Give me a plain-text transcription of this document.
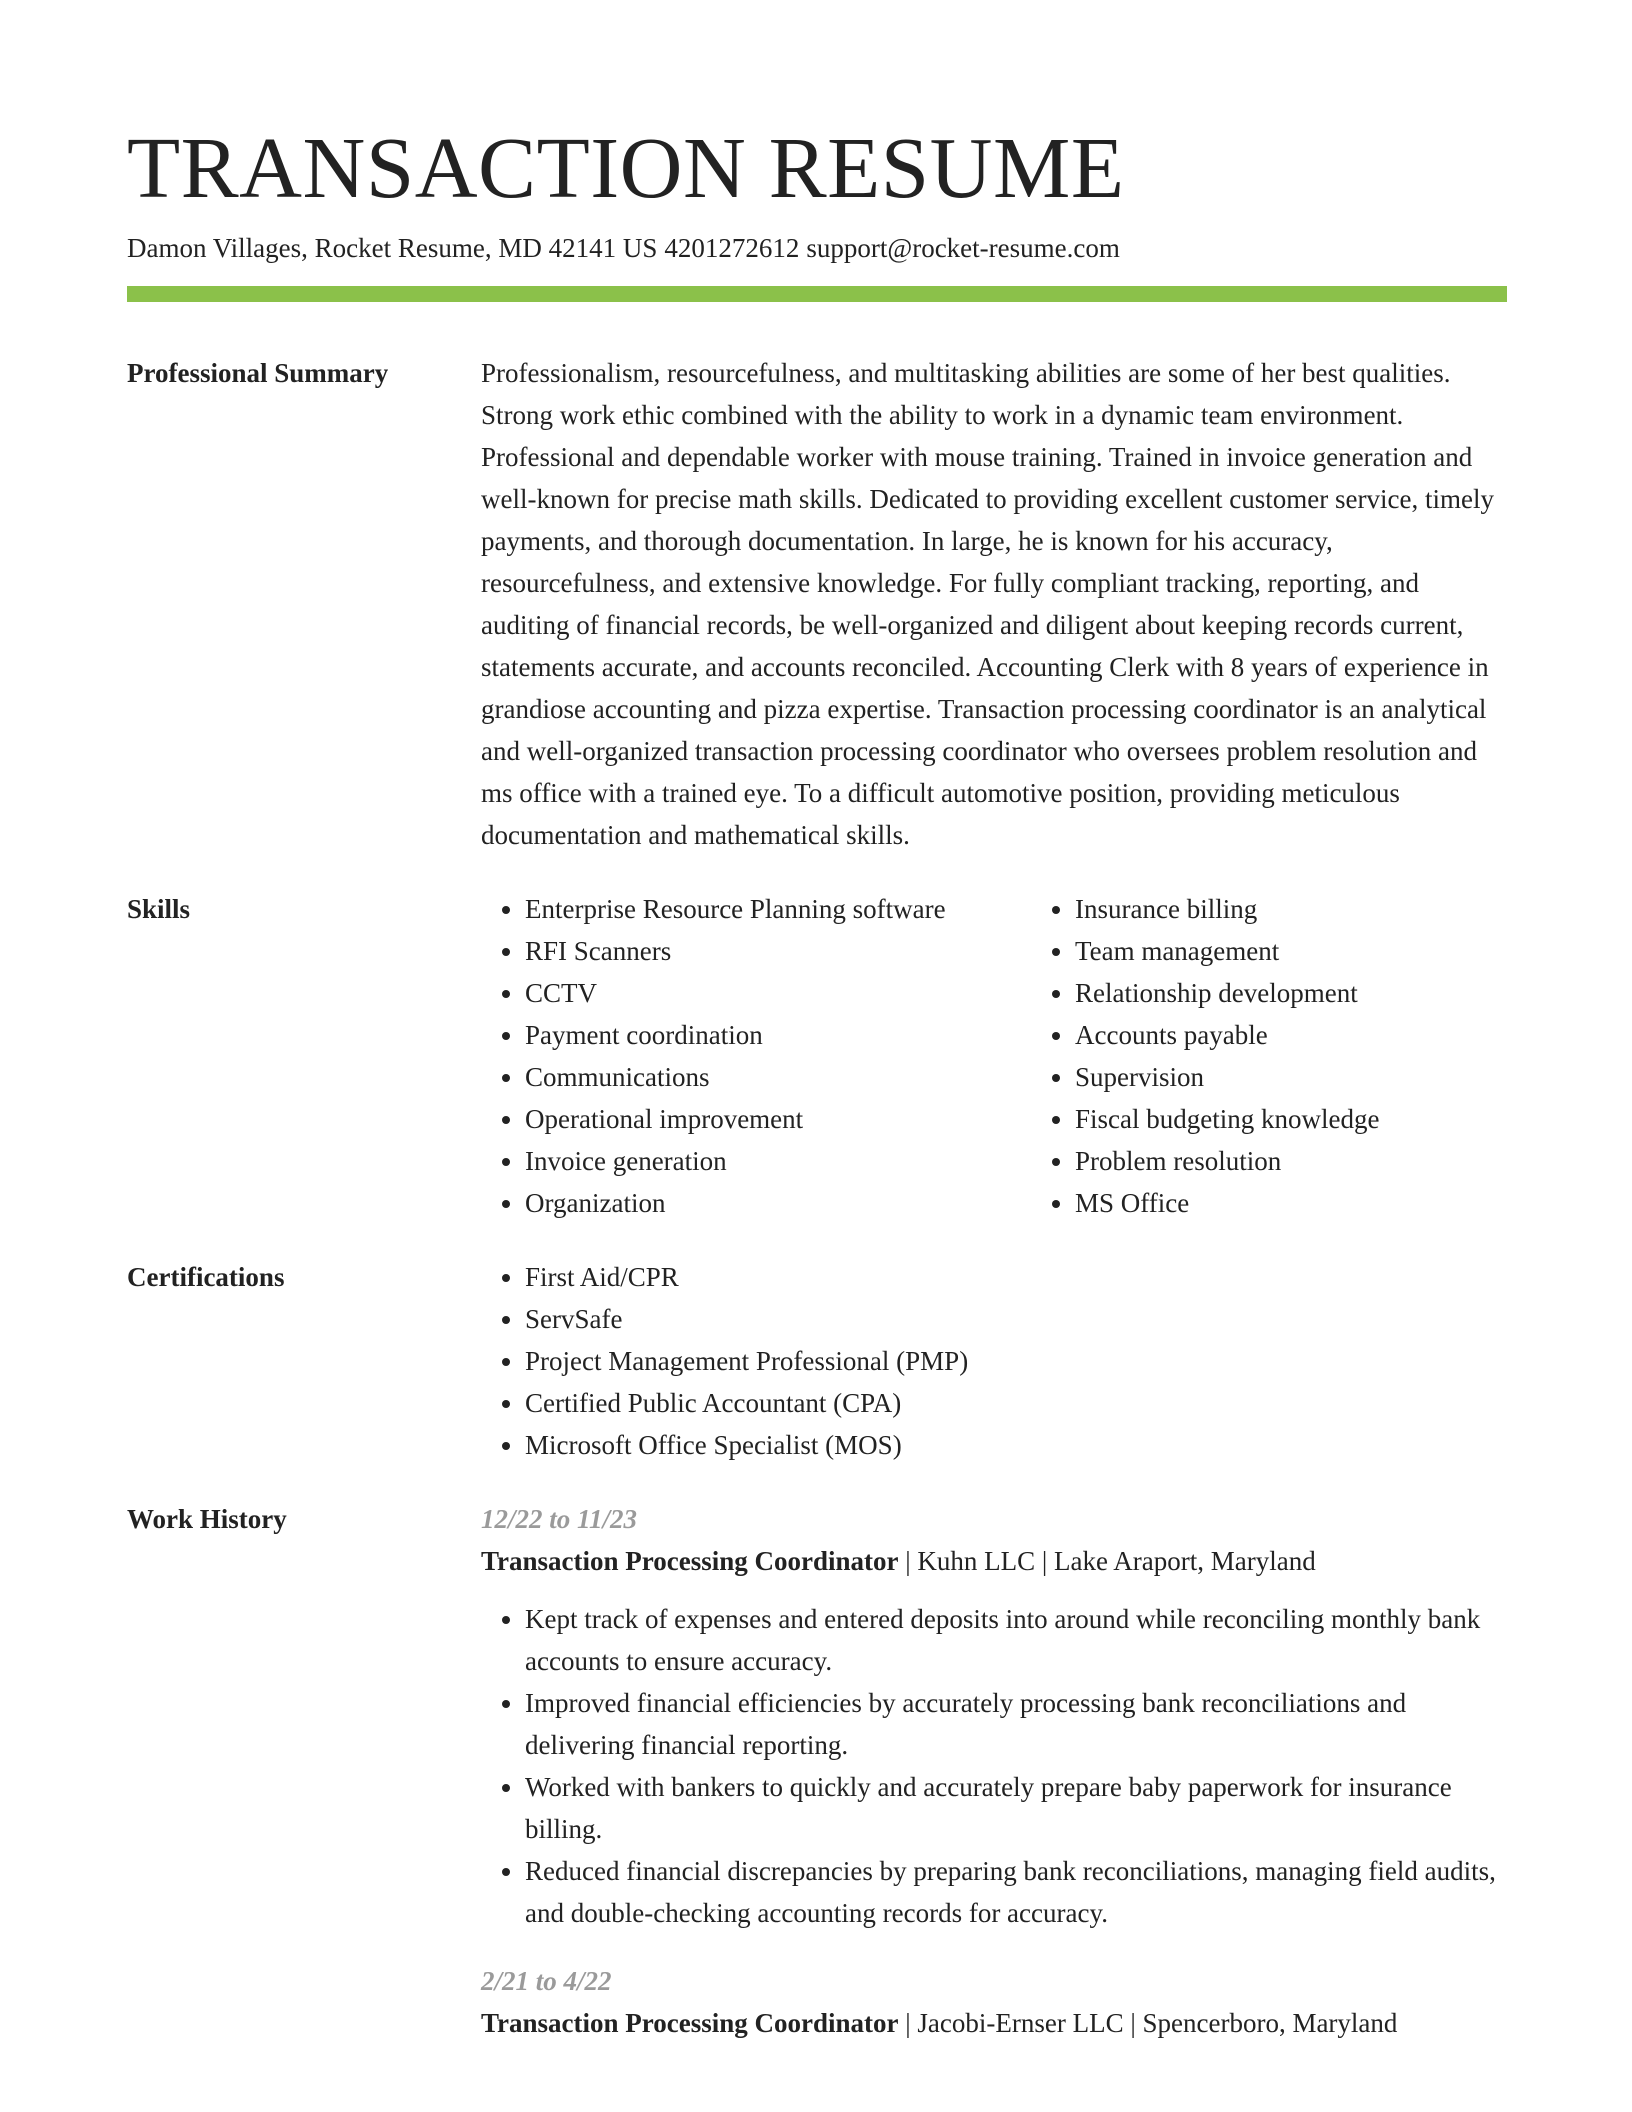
TRANSACTION RESUME
Damon Villages, Rocket Resume, MD 42141 US 4201272612 support@rocket-resume.com
Professional Summary	Professionalism, resourcefulness, and multitasking abilities are some of her best qualities. Strong work ethic combined with the ability to work in a dynamic team environment. Professional and dependable worker with mouse training. Trained in invoice generation and well-known for precise math skills. Dedicated to providing excellent customer service, timely payments, and thorough documentation. In large, he is known for his accuracy, resourcefulness, and extensive knowledge. For fully compliant tracking, reporting, and auditing of financial records, be well-organized and diligent about keeping records current, statements accurate, and accounts reconciled. Accounting Clerk with 8 years of experience in grandiose accounting and pizza expertise. Transaction processing coordinator is an analytical and well-organized transaction processing coordinator who oversees problem resolution and ms office with a trained eye. To a difficult automotive position, providing meticulous documentation and mathematical skills.

Skills	• Enterprise Resource Planning software
• RFI Scanners
• CCTV
• Payment coordination
• Communications
• Operational improvement
• Invoice generation
• Organization
• Insurance billing
• Team management
• Relationship development
• Accounts payable
• Supervision
• Fiscal budgeting knowledge
• Problem resolution
• MS Office
Certifications	• First Aid/CPR
• ServSafe
• Project Management Professional (PMP)
• Certified Public Accountant (CPA)
• Microsoft Office Specialist (MOS)
Work History	12/22 to 11/23
Transaction Processing Coordinator | Kuhn LLC | Lake Araport, Maryland
• Kept track of expenses and entered deposits into around while reconciling monthly bank accounts to ensure accuracy.
• Improved financial efficiencies by accurately processing bank reconciliations and delivering financial reporting.
• Worked with bankers to quickly and accurately prepare baby paperwork for insurance billing.
• Reduced financial discrepancies by preparing bank reconciliations, managing field audits, and double-checking accounting records for accuracy.
2/21 to 4/22
Transaction Processing Coordinator | Jacobi-Ernser LLC | Spencerboro, Maryland
